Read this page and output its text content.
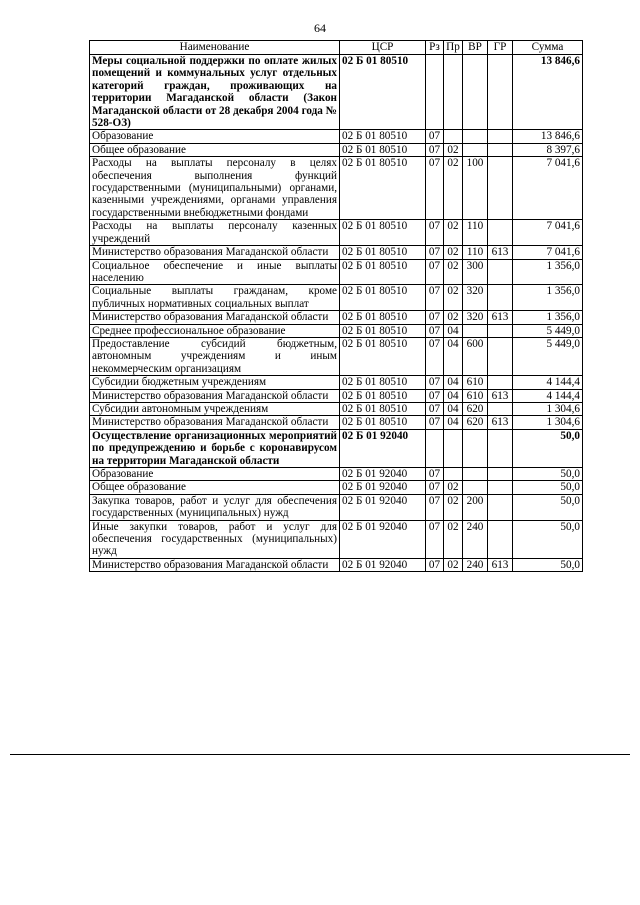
64
Наименование	ЦСР	Рз	Пр	ВР	ГР	Сумма
Меры социальной поддержки по оплате жилых помещений и коммунальных услуг отдельных категорий граждан, проживающих на территории Магаданской области (Закон Магаданской области от 28 декабря 2004 года № 528-ОЗ)	02 Б 01 80510					13 846,6
Образование	02 Б 01 80510	07				13 846,6
Общее образование	02 Б 01 80510	07	02			8 397,6
Расходы на выплаты персоналу в целях обеспечения выполнения функций государственными (муниципальными) органами, казенными учреждениями, органами управления государственными внебюджетными фондами	02 Б 01 80510	07	02	100		7 041,6
Расходы на выплаты персоналу казенных учреждений	02 Б 01 80510	07	02	110		7 041,6
Министерство образования Магаданской области	02 Б 01 80510	07	02	110	613	7 041,6
Социальное обеспечение и иные выплаты населению	02 Б 01 80510	07	02	300		1 356,0
Социальные выплаты гражданам, кроме публичных нормативных социальных выплат	02 Б 01 80510	07	02	320		1 356,0
Министерство образования Магаданской области	02 Б 01 80510	07	02	320	613	1 356,0
Среднее профессиональное образование	02 Б 01 80510	07	04			5 449,0
Предоставление субсидий бюджетным, автономным учреждениям и иным некоммерческим организациям	02 Б 01 80510	07	04	600		5 449,0
Субсидии бюджетным учреждениям	02 Б 01 80510	07	04	610		4 144,4
Министерство образования Магаданской области	02 Б 01 80510	07	04	610	613	4 144,4
Субсидии автономным учреждениям	02 Б 01 80510	07	04	620		1 304,6
Министерство образования Магаданской области	02 Б 01 80510	07	04	620	613	1 304,6
Осуществление организационных мероприятий по предупреждению и борьбе с коронавирусом на территории Магаданской области	02 Б 01 92040					50,0
Образование	02 Б 01 92040	07				50,0
Общее образование	02 Б 01 92040	07	02			50,0
Закупка товаров, работ и услуг для обеспечения государственных (муниципальных) нужд	02 Б 01 92040	07	02	200		50,0
Иные закупки товаров, работ и услуг для обеспечения государственных (муниципальных) нужд	02 Б 01 92040	07	02	240		50,0
Министерство образования Магаданской области	02 Б 01 92040	07	02	240	613	50,0
